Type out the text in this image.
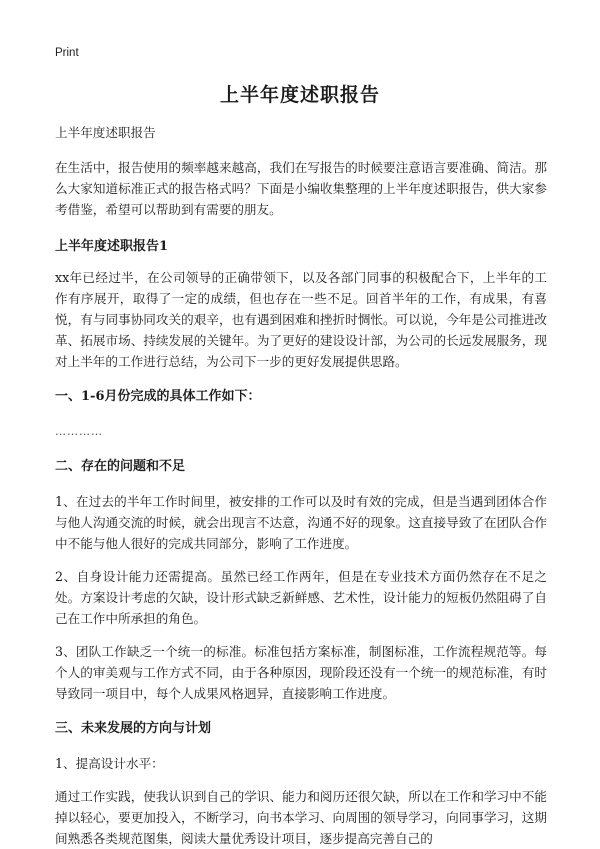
Print
上半年度述职报告

上半年度述职报告

在生活中，报告使用的频率越来越高，我们在写报告的时候要注意语言要准确、简洁。那么大家知道标准正式的报告格式吗？下面是小编收集整理的上半年度述职报告，供大家参考借鉴，希望可以帮助到有需要的朋友。

上半年度述职报告1

xx年已经过半，在公司领导的正确带领下，以及各部门同事的积极配合下，上半年的工作有序展开，取得了一定的成绩，但也存在一些不足。回首半年的工作，有成果，有喜悦，有与同事协同攻关的艰辛，也有遇到困难和挫折时惆怅。可以说，今年是公司推进改革、拓展市场、持续发展的关键年。为了更好的建设设计部，为公司的长远发展服务，现对上半年的工作进行总结，为公司下一步的更好发展提供思路。

一、1-6月份完成的具体工作如下：

…………

二、存在的问题和不足

1、在过去的半年工作时间里，被安排的工作可以及时有效的完成，但是当遇到团体合作与他人沟通交流的时候，就会出现言不达意，沟通不好的现象。这直接导致了在团队合作中不能与他人很好的完成共同部分，影响了工作进度。

2、自身设计能力还需提高。虽然已经工作两年，但是在专业技术方面仍然存在不足之处。方案设计考虑的欠缺，设计形式缺乏新鲜感、艺术性，设计能力的短板仍然阻碍了自己在工作中所承担的角色。

3、团队工作缺乏一个统一的标准。标准包括方案标准，制图标准，工作流程规范等。每个人的审美观与工作方式不同，由于各种原因，现阶段还没有一个统一的规范标准，有时导致同一项目中，每个人成果风格迥异，直接影响工作进度。

三、未来发展的方向与计划

1、提高设计水平：

通过工作实践，使我认识到自己的学识、能力和阅历还很欠缺，所以在工作和学习中不能掉以轻心，要更加投入，不断学习，向书本学习、向周围的领导学习，向同事学习，这期间熟悉各类规范图集，阅读大量优秀设计项目，逐步提高完善自己的
